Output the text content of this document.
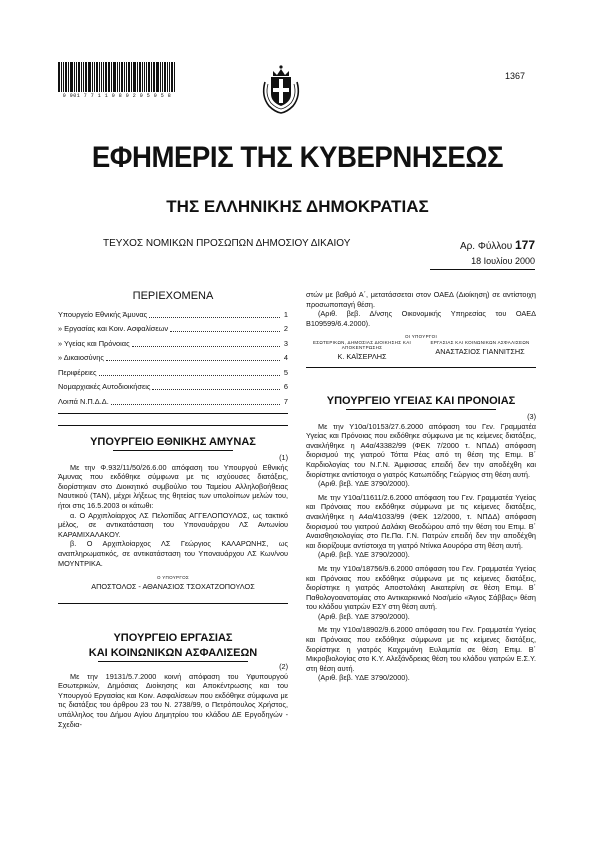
0 901 7 7 1 1 0 8 0 2 0 5 0 5 8
1367
ΕΦΗΜΕΡΙΣ ΤΗΣ ΚΥΒΕΡΝΗΣΕΩΣ
ΤΗΣ ΕΛΛΗΝΙΚΗΣ ΔΗΜΟΚΡΑΤΙΑΣ
ΤΕΥΧΟΣ ΝΟΜΙΚΩΝ ΠΡΟΣΩΠΩΝ ΔΗΜΟΣΙΟΥ ΔΙΚΑΙΟΥ	Αρ. Φύλλου 177
18 Ιουλίου 2000
ΠΕΡΙΕΧΟΜΕΝΑ
Υπουργείο Εθνικής Άμυνας	1
» Εργασίας και Κοιν. Ασφαλίσεων	2
» Υγείας και Πρόνοιας	3
» Δικαιοσύνης	4
Περιφέρειες	5
Νομαρχιακές Αυτοδιοικήσεις	6
Λοιπά Ν.Π.Δ.Δ.	7
ΥΠΟΥΡΓΕΙΟ ΕΘΝΙΚΗΣ ΑΜΥΝΑΣ
(1)

Με την Φ.932/11/50/26.6.00 απόφαση του Υπουργού Εθνικής Άμυνας που εκδόθηκε σύμφωνα με τις ισχύουσες διατάξεις, διορίστηκαν στο Διοικητικό συμβούλιο του Ταμείου Αλληλοβοήθειας Ναυτικού (ΤΑΝ), μέχρι λήξεως της θητείας των υπολοίπων μελών του, ήτοι στις 16.5.2003 οι κάτωθι:

α. Ο Αρχιπλοίαρχος ΛΣ Πελοπίδας ΑΓΓΕΛΟΠΟΥΛΟΣ, ως τακτικό μέλος, σε αντικατάσταση του Υποναυάρχου ΛΣ Αντωνίου ΚΑΡΑΜΙΧΑΛΑΚΟΥ.

β. Ο Αρχιπλοίαρχος ΛΣ Γεώργιος ΚΑΛΑΡΩΝΗΣ, ως αναπληρωματικός, σε αντικατάσταση του Υποναυάρχου ΛΣ Κων/νου ΜΟΥΝΤΡΙΚΑ.

Ο ΥΠΟΥΡΓΟΣ
ΑΠΟΣΤΟΛΟΣ - ΑΘΑΝΑΣΙΟΣ ΤΣΟΧΑΤΖΟΠΟΥΛΟΣ
ΥΠΟΥΡΓΕΙΟ ΕΡΓΑΣΙΑΣ
ΚΑΙ ΚΟΙΝΩΝΙΚΩΝ ΑΣΦΑΛΙΣΕΩΝ
(2)

Με την 19131/5.7.2000 κοινή απόφαση του Υφυπουργού Εσωτερικών, Δημόσιας Διοίκησης και Αποκέντρωσης και του Υπουργού Εργασίας και Κοιν. Ασφαλίσεων που εκδόθηκε σύμφωνα με τις διατάξεις του άρθρου 23 του Ν. 2738/99, ο Πετρόπουλος Χρήστος, υπάλληλος του Δήμου Αγίου Δημητρίου του κλάδου ΔΕ Εργοδηγών - Σχεδια-

στών με βαθμό Α΄, μετατάσσεται στον ΟΑΕΔ (Διοίκηση) σε αντίστοιχη προσωποπαγή θέση.

(Αριθ. βεβ. Δ/νσης Οικονομικής Υπηρεσίας του ΟΑΕΔ Β109599/6.4.2000).

ΟΙ ΥΠΟΥΡΓΟΙ
ΕΣΩΤΕΡΙΚΩΝ, ΔΗΜΟΣΙΑΣ ΔΙΟΙΚΗΣΗΣ ΚΑΙ ΑΠΟΚΕΝΤΡΩΣΗΣ
Κ. ΚΑΪΣΕΡΛΗΣ
ΕΡΓΑΣΙΑΣ ΚΑΙ ΚΟΙΝΩΝΙΚΩΝ ΑΣΦΑΛΙΣΕΩΝ
ΑΝΑΣΤΑΣΙΟΣ ΓΙΑΝΝΙΤΣΗΣ
ΥΠΟΥΡΓΕΙΟ ΥΓΕΙΑΣ ΚΑΙ ΠΡΟΝΟΙΑΣ
(3)

Με την Υ10α/10153/27.6.2000 απόφαση του Γεν. Γραμματέα Υγείας και Πρόνοιας που εκδόθηκε σύμφωνα με τις κείμενες διατάξεις, ανακλήθηκε η Α4α/43382/99 (ΦΕΚ 7/2000 τ. ΝΠΔΔ) απόφαση διορισμού της γιατρού Τόττα Ρέας από τη θέση της Επιμ. Β΄ Καρδιολογίας του Ν.Γ.Ν. Άμφισσας επειδή δεν την αποδέχθη και διορίστηκε αντίστοιχα ο γιατρός Κατωπόδης Γεώργιος στη θέση αυτή.

(Αριθ. βεβ. ΥΔΕ 3790/2000).

Με την Υ10α/11611/2.6.2000 απόφαση του Γεν. Γραμματέα Υγείας και Πρόνοιας που εκδόθηκε σύμφωνα με τις κείμενες διατάξεις, ανακλήθηκε η Α4α/41033/99 (ΦΕΚ 12/2000, τ. ΝΠΔΔ) απόφαση διορισμού του γιατρού Δαλάκη Θεοδώρου από την θέση του Επιμ. Β΄ Αναισθησιολογίας στο Πε.Πα. Γ.Ν. Πατρών επειδή δεν την αποδέχθη και διορίζουμε αντίστοιχα τη γιατρό Ντίνκα Αουρόρα στη θέση αυτή.

(Αριθ. βεβ. ΥΔΕ 3790/2000).

Με την Υ10α/18756/9.6.2000 απόφαση του Γεν. Γραμματέα Υγείας και Πρόνοιας που εκδόθηκε σύμφωνα με τις κείμενες διατάξεις, διορίστηκε η γιατρός Αποστολάκη Αικατερίνη σε θέση Επιμ. Β΄ Παθολογοανατομίας στο Αντικαρκινικό Νοσ/μείο «Άγιος Σάββας» θέση του κλάδου γιατρών ΕΣΥ στη θέση αυτή.

(Αριθ. βεβ. ΥΔΕ 3790/2000).

Με την Υ10α/18902/9.6.2000 απόφαση του Γεν. Γραμματέα Υγείας και Πρόνοιας που εκδόθηκε σύμφωνα με τις κείμενες διατάξεις, διορίστηκε η γιατρός Καχριμάνη Ευλαμπία σε θέση Επιμ. Β΄ Μικροβιολογίας στο Κ.Υ. Αλεξάνδρειας θέση του κλάδου γιατρών Ε.Σ.Υ. στη θέση αυτή.

(Αριθ. βεβ. ΥΔΕ 3790/2000).
